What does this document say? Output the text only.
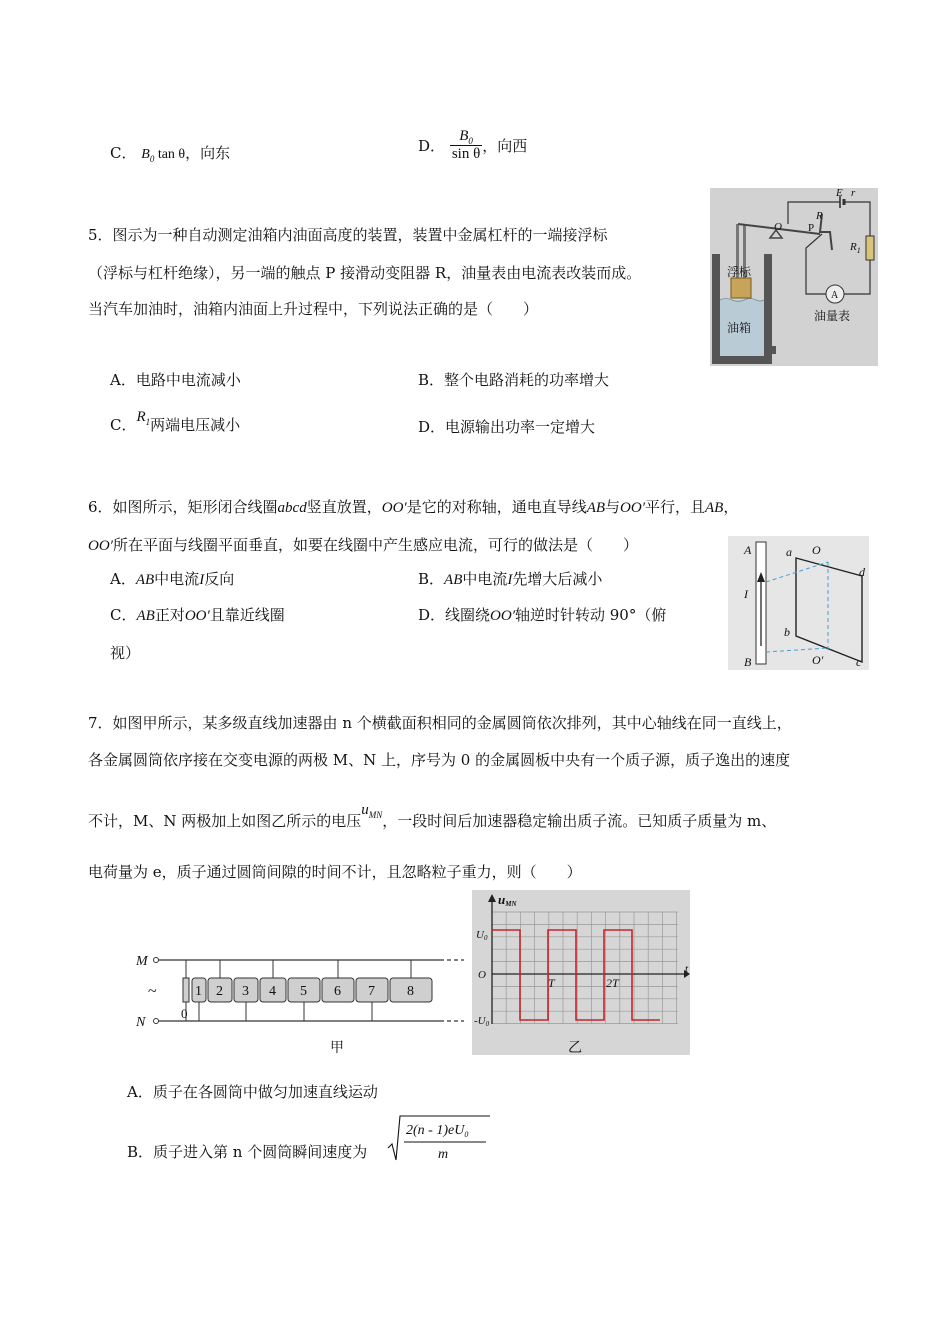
C． $B_0$ tan θ，向东	D． $\frac{B_0}{\text{sin θ}}$ ，向西
5．图示为一种自动测定油箱内油面高度的装置，装置中金属杠杆的一端接浮标
（浮标与杠杆绝缘），另一端的触点 P 接滑动变阻器 R，油量表由电流表改装而成。
当汽车加油时，油箱内油面上升过程中，下列说法正确的是（　　）
A．电路中电流减小	B．整个电路消耗的功率增大
C．$R_1$两端电压减小	D．电源输出功率一定增大
浮标
油箱
O P
R
E r
$R_1$
A
油量表
6．如图所示，矩形闭合线圈abcd竖直放置，OO′是它的对称轴，通电直导线AB与OO′平行，且AB，
OO′所在平面与线圈平面垂直，如要在线圈中产生感应电流，可行的做法是（　　）
A．AB中电流I反向	B．AB中电流I先增大后减小
C．AB正对OO′且靠近线圈	D．线圈绕OO′轴逆时针转动 90°（俯
视）
A
B
I
a O
d
b
O′	c
7．如图甲所示，某多级直线加速器由 n 个横截面积相同的金属圆筒依次排列，其中心轴线在同一直线上，
各金属圆筒依序接在交变电源的两极 M、N 上，序号为 0 的金属圆板中央有一个质子源，质子逸出的速度
不计，M、N 两极加上如图乙所示的电压$u_{MN}$，一段时间后加速器稳定输出质子流。已知质子质量为 m、
电荷量为 e，质子通过圆筒间隙的时间不计，且忽略粒子重力，则（　　）
M
N
~	1 2 3 4 5 6 7 8
0
甲
uMN
U0
O
-U0
T	2T
t
乙
A．质子在各圆筒中做匀加速直线运动
B．质子进入第 n 个圆筒瞬间速度为
$2(n - 1)eU_0$
m
